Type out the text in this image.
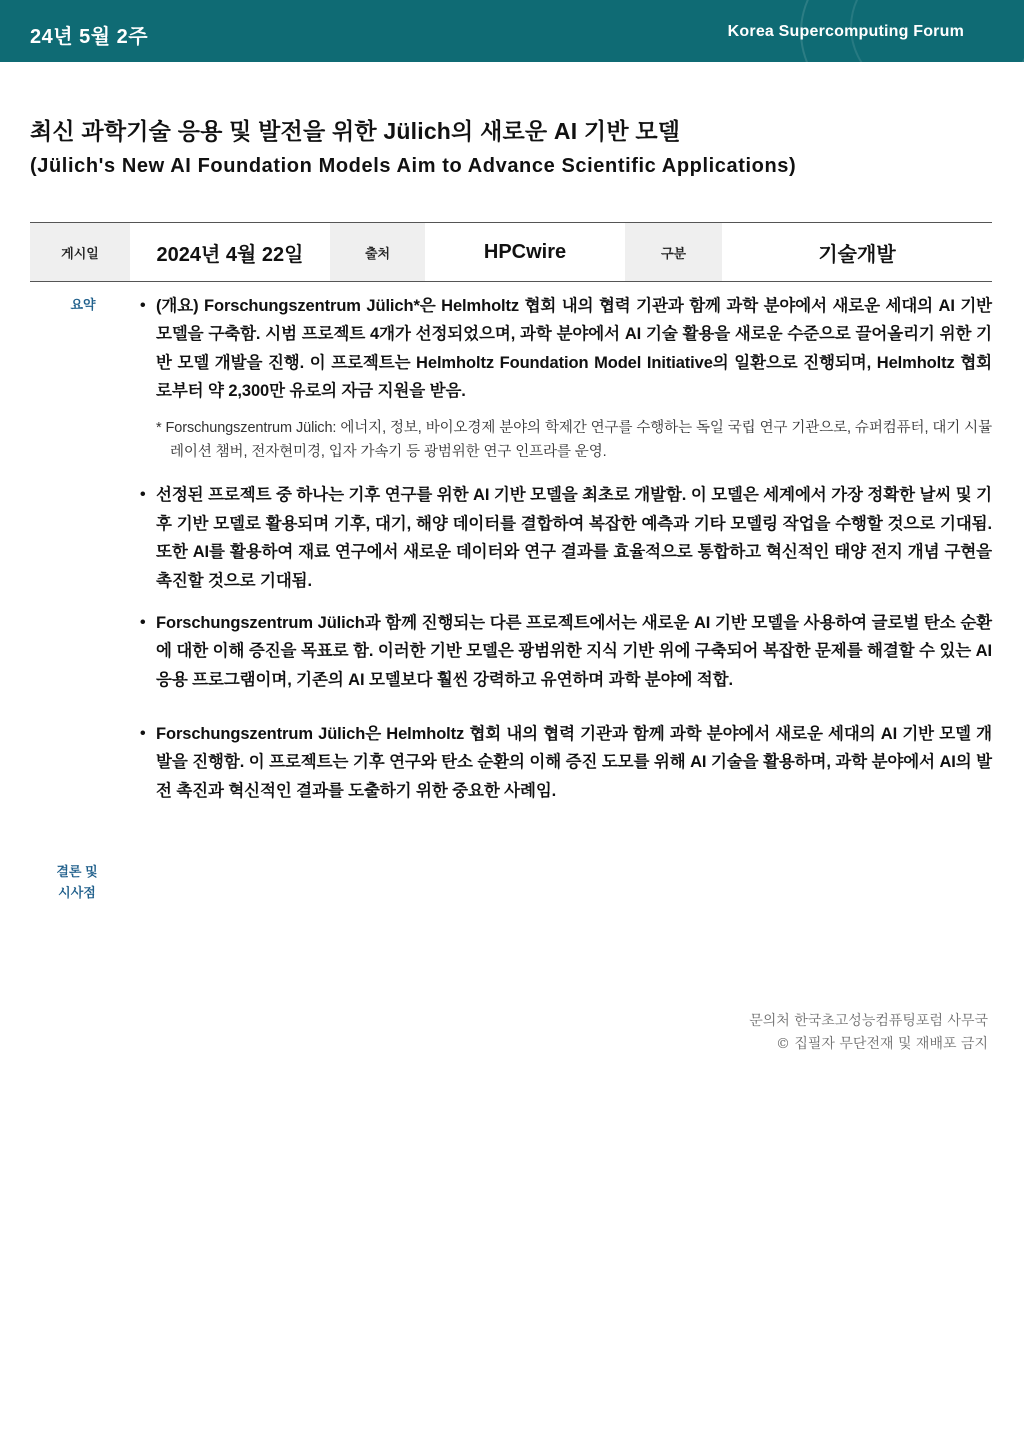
24년 5월 2주	Korea Supercomputing Forum
최신 과학기술 응용 및 발전을 위한 Jülich의 새로운 AI 기반 모델
(Jülich's New AI Foundation Models Aim to Advance Scientific Applications)
게시일	2024년 4월 22일	출처	HPCwire	구분	기술개발
요약
결론 및
시사점
• (개요) Forschungszentrum Jülich*은 Helmholtz 협회 내의 협력 기관과 함께 과학 분야에서 새로운 세대의 AI 기반 모델을 구축함. 시범 프로젝트 4개가 선정되었으며, 과학 분야에서 AI 기술 활용을 새로운 수준으로 끌어올리기 위한 기반 모델 개발을 진행. 이 프로젝트는 Helmholtz Foundation Model Initiative의 일환으로 진행되며, Helmholtz 협회로부터 약 2,300만 유로의 자금 지원을 받음.
* Forschungszentrum Jülich: 에너지, 정보, 바이오경제 분야의 학제간 연구를 수행하는 독일 국립 연구 기관으로, 슈퍼컴퓨터, 대기 시뮬레이션 챔버, 전자현미경, 입자 가속기 등 광범위한 연구 인프라를 운영.
• 선정된 프로젝트 중 하나는 기후 연구를 위한 AI 기반 모델을 최초로 개발함. 이 모델은 세계에서 가장 정확한 날씨 및 기후 기반 모델로 활용되며 기후, 대기, 해양 데이터를 결합하여 복잡한 예측과 기타 모델링 작업을 수행할 것으로 기대됨. 또한 AI를 활용하여 재료 연구에서 새로운 데이터와 연구 결과를 효율적으로 통합하고 혁신적인 태양 전지 개념 구현을 촉진할 것으로 기대됨.
• Forschungszentrum Jülich과 함께 진행되는 다른 프로젝트에서는 새로운 AI 기반 모델을 사용하여 글로벌 탄소 순환에 대한 이해 증진을 목표로 함. 이러한 기반 모델은 광범위한 지식 기반 위에 구축되어 복잡한 문제를 해결할 수 있는 AI 응용 프로그램이며, 기존의 AI 모델보다 훨씬 강력하고 유연하며 과학 분야에 적합.
• Forschungszentrum Jülich은 Helmholtz 협회 내의 협력 기관과 함께 과학 분야에서 새로운 세대의 AI 기반 모델 개발을 진행함. 이 프로젝트는 기후 연구와 탄소 순환의 이해 증진 도모를 위해 AI 기술을 활용하며, 과학 분야에서 AI의 발전 촉진과 혁신적인 결과를 도출하기 위한 중요한 사례임.
문의처 한국초고성능컴퓨팅포럼 사무국
© 집필자 무단전재 및 재배포 금지
